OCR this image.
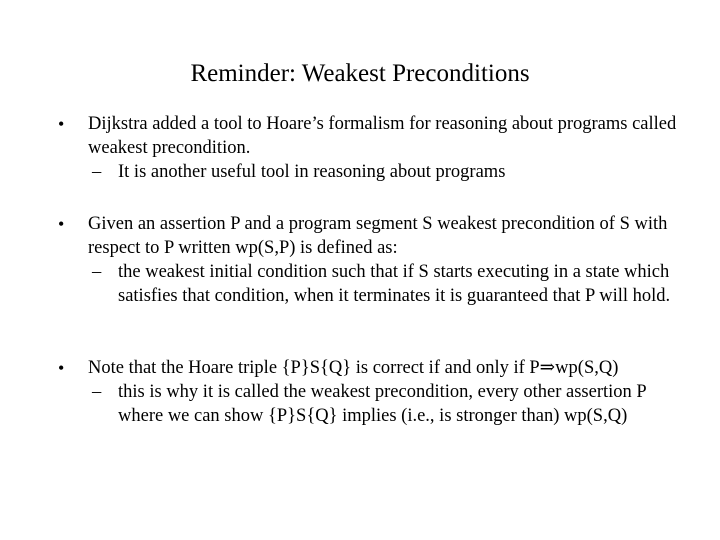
Reminder: Weakest Preconditions
•	Dijkstra added a tool to Hoare’s formalism for reasoning about programs called weakest precondition.
– It is another useful tool in reasoning about programs
•	Given an assertion P and a program segment S weakest precondition of S with respect to P written wp(S,P) is defined as:
– the weakest initial condition such that if S starts executing in a state which satisfies that condition, when it terminates it is guaranteed that P will hold.
•	Note that the Hoare triple {P}S{Q} is correct if and only if P⇒wp(S,Q)
– this is why it is called the weakest precondition, every other assertion P where we can show {P}S{Q} implies (i.e., is stronger than) wp(S,Q)
